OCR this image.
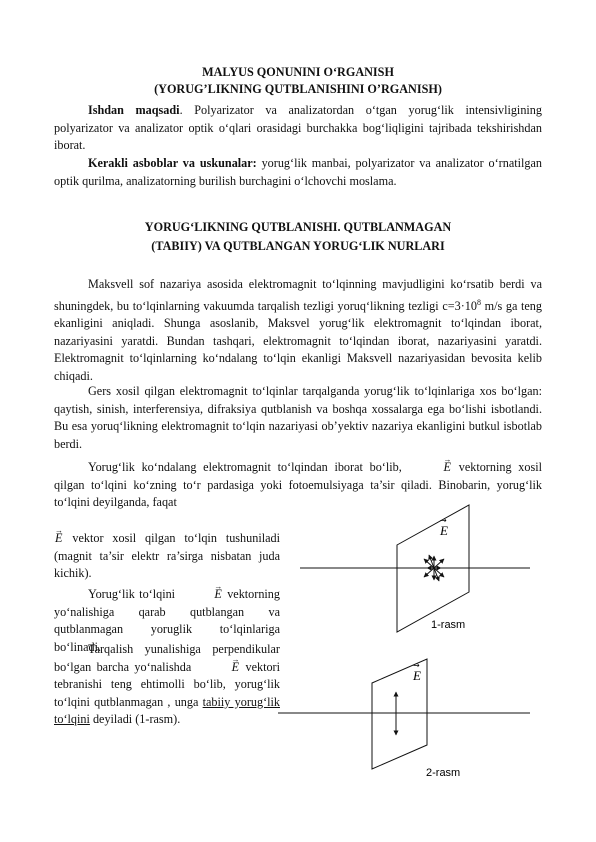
MALYUS QONUNINI O‘RGANISH
(YORUG’LIKNING QUTBLANISHINI O’RGANISH)

Ishdan maqsadi. Polyarizator va analizatordan o‘tgan yorug‘lik intensivligining polyarizator va analizator optik o‘qlari orasidagi burchakka bog‘liqligini tajribada tekshirishdan iborat.

Kerakli asboblar va uskunalar: yorug‘lik manbai, polyarizator va analizator o‘rnatilgan optik qurilma, analizatorning burilish burchagini o‘lchovchi moslama.

YORUG‘LIKNING QUTBLANISHI. QUTBLANMAGAN
(TABIIY) VA QUTBLANGAN YORUG‘LIK NURLARI

Maksvell sof nazariya asosida elektromagnit to‘lqinning mavjudligini ko‘rsatib berdi va shuningdek, bu to‘lqinlarning vakuumda tarqalish tezligi yoruq‘likning tezligi $c=3\cdot 10^8$ m/s ga teng ekanligini aniqladi. Shunga asoslanib, Maksvel yorug‘lik elektromagnit to‘lqindan iborat, nazariyasini yaratdi. Bundan tashqari, elektromagnit to‘lqindan iborat, nazariyasini yaratdi. Elektromagnit to‘lqinlarning ko‘ndalang to‘lqin ekanligi Maksvell nazariyasidan bevosita kelib chiqadi.

Gers xosil qilgan elektromagnit to‘lqinlar tarqalganda yorug‘lik to‘lqinlariga xos bo‘lgan: qaytish, sinish, interferensiya, difraksiya qutblanish va boshqa xossalarga ega bo‘lishi isbotlandi. Bu esa yoruq‘likning elektromagnit to‘lqin nazariyasi ob’yektiv nazariya ekanligini butkul isbotlab berdi.

Yorug‘lik ko‘ndalang elektromagnit to‘lqindan iborat bo‘lib,	→ E vektorning xosil qilgan to‘lqini ko‘zning to‘r pardasiga yoki fotoemulsiyaga ta’sir qiladi. Binobarin, yorug‘lik to‘lqini deyilganda, faqat

→ E vektor xosil qilgan to‘lqin tushuniladi (magnit ta’sir elektr ra’sirga nisbatan juda kichik).

Yorug‘lik to‘lqini	→ E vektorning yo‘nalishiga qarab qutblangan va qutblanmagan yoruglik to‘lqinlariga bo‘linadi.

Tarqalish yunalishiga perpendikular bo‘lgan barcha yo‘nalishda	→ E vektori tebranishi teng ehtimolli bo‘lib, yorug‘lik to‘lqini qutblanmagan , unga tabiiy yorug‘lik to‘lqini deyiladi (1-rasm).

E
→
1-rasm
E
→
2-rasm
